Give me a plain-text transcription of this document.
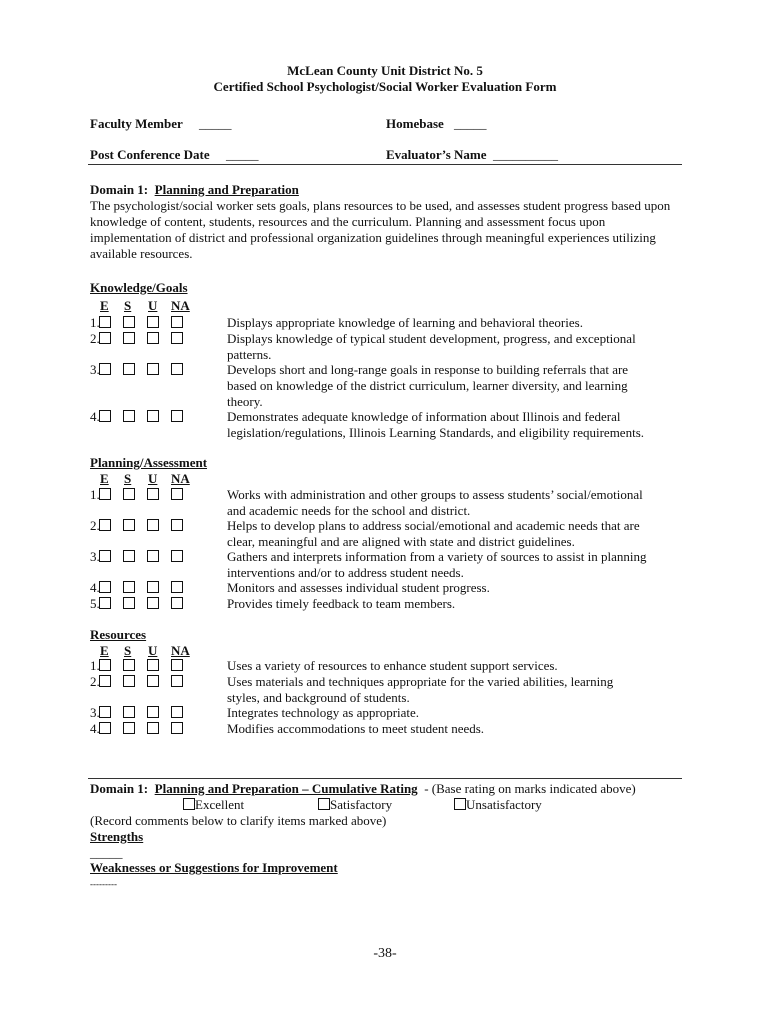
McLean County Unit District No. 5
Certified School Psychologist/Social Worker Evaluation Form
Faculty Member _____	Homebase _____
Post Conference Date _____	Evaluator’s Name __________
Domain 1: Planning and Preparation
The psychologist/social worker sets goals, plans resources to be used, and assesses student progress based upon knowledge of content, students, resources and the curriculum. Planning and assessment focus upon implementation of district and professional organization guidelines through meaningful experiences utilizing available resources.
Knowledge/Goals
E S U NA
1.	Displays appropriate knowledge of learning and behavioral theories.
2.	Displays knowledge of typical student development, progress, and exceptional patterns.
3.	Develops short and long-range goals in response to building referrals that are based on knowledge of the district curriculum, learner diversity, and learning theory.
4.	Demonstrates adequate knowledge of information about Illinois and federal legislation/regulations, Illinois Learning Standards, and eligibility requirements.
Planning/Assessment
E S U NA
1.	Works with administration and other groups to assess students’ social/emotional and academic needs for the school and district.
2.	Helps to develop plans to address social/emotional and academic needs that are clear, meaningful and are aligned with state and district guidelines.
3.	Gathers and interprets information from a variety of sources to assist in planning interventions and/or to address student needs.
4.	Monitors and assesses individual student progress.
5.	Provides timely feedback to team members.
Resources
E S U NA
1.	Uses a variety of resources to enhance student support services.
2.	Uses materials and techniques appropriate for the varied abilities, learning styles, and background of students.
3.	Integrates technology as appropriate.
4.	Modifies accommodations to meet student needs.
Domain 1: Planning and Preparation – Cumulative Rating - (Base rating on marks indicated above)
Excellent	Satisfactory	Unsatisfactory
(Record comments below to clarify items marked above)
Strengths
_____
Weaknesses or Suggestions for Improvement
---------
-38-
